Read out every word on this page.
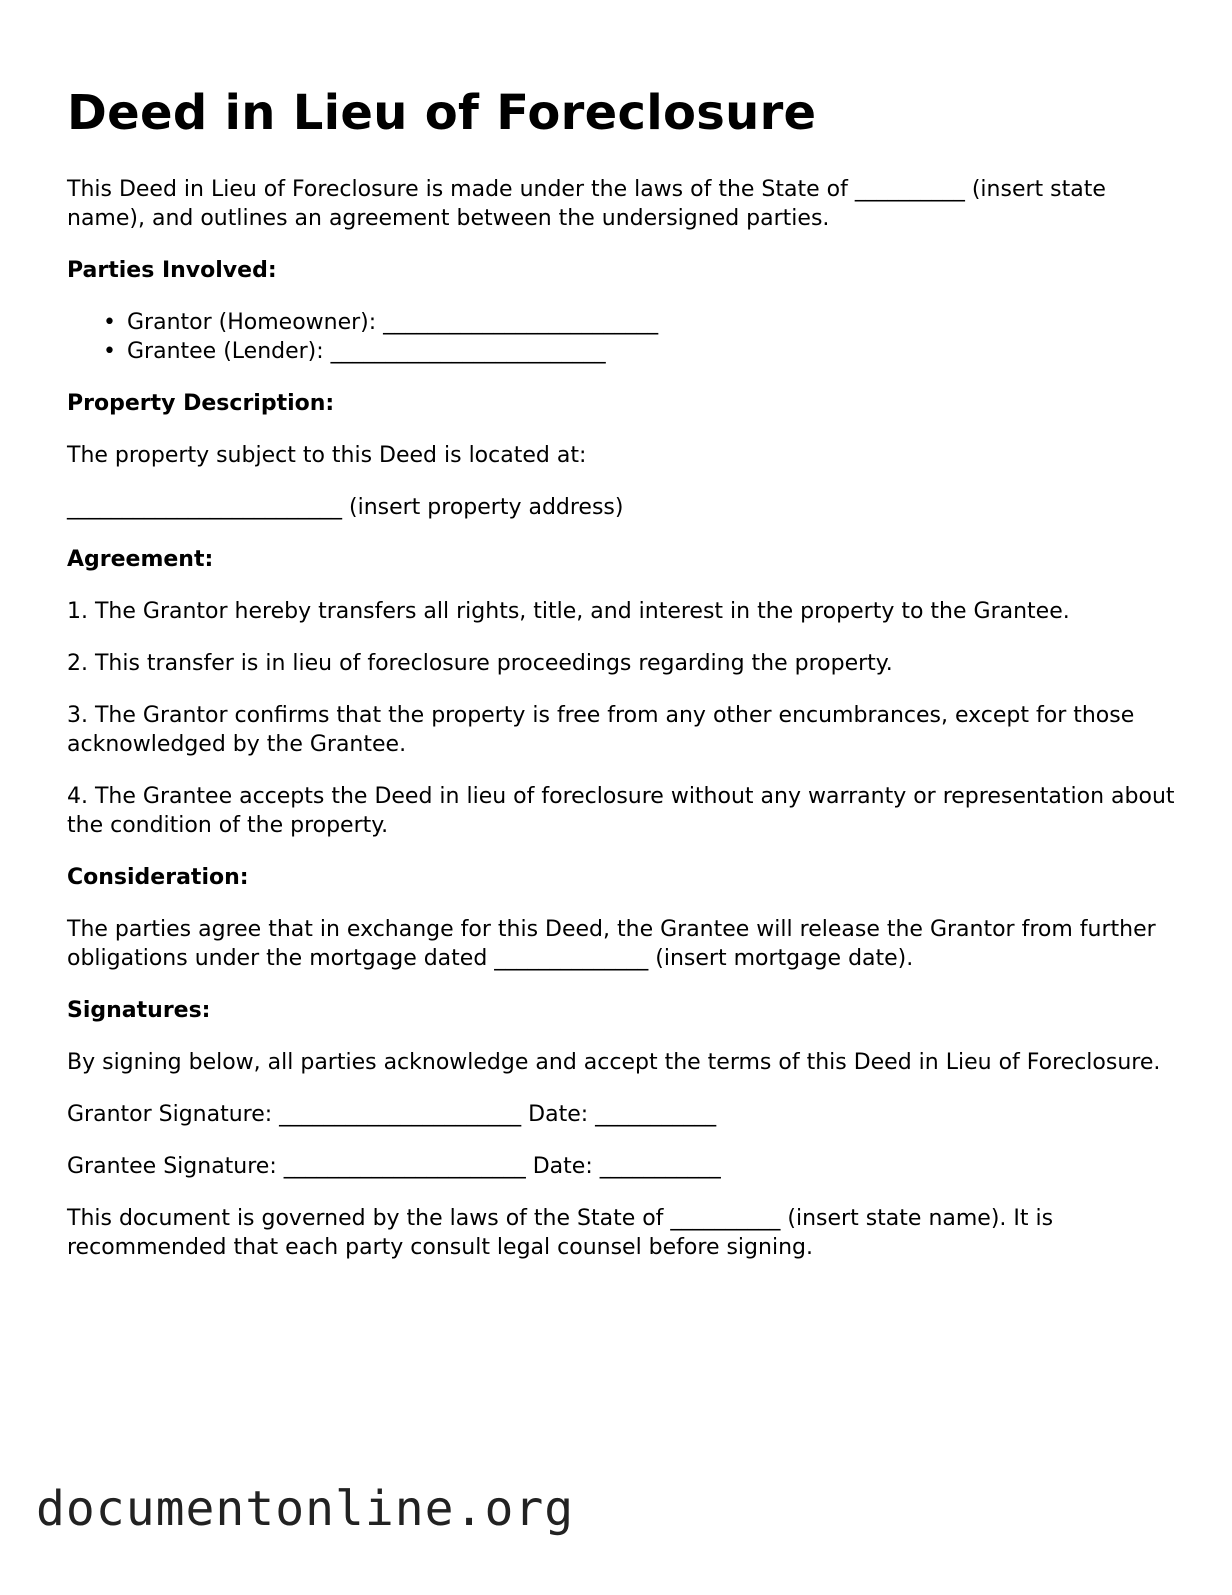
Deed in Lieu of Foreclosure

This Deed in Lieu of Foreclosure is made under the laws of the State of __________ (insert state name), and outlines an agreement between the undersigned parties.

Parties Involved:

• Grantor (Homeowner): _________________________
• Grantee (Lender): _________________________

Property Description:

The property subject to this Deed is located at:

_________________________ (insert property address)

Agreement:

1. The Grantor hereby transfers all rights, title, and interest in the property to the Grantee.

2. This transfer is in lieu of foreclosure proceedings regarding the property.

3. The Grantor confirms that the property is free from any other encumbrances, except for those acknowledged by the Grantee.

4. The Grantee accepts the Deed in lieu of foreclosure without any warranty or representation about the condition of the property.

Consideration:

The parties agree that in exchange for this Deed, the Grantee will release the Grantor from further obligations under the mortgage dated ______________ (insert mortgage date).

Signatures:

By signing below, all parties acknowledge and accept the terms of this Deed in Lieu of Foreclosure.

Grantor Signature: ______________________ Date: ___________

Grantee Signature: ______________________ Date: ___________

This document is governed by the laws of the State of __________ (insert state name). It is recommended that each party consult legal counsel before signing.

documentonline.org
